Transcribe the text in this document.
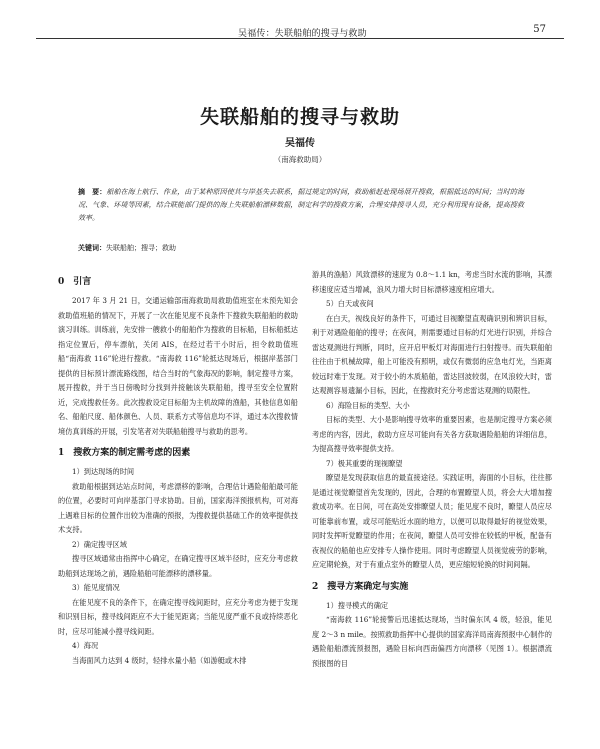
吴福传：失联船舶的搜寻与救助	57
失联船舶的搜寻与救助
吴福传
（南海救助局）
摘　要：船舶在海上航行、作业，由于某种原因使其与岸基失去联系，据过规定的时间，救助船赶赴现场展开搜救，根据抵达的时间；当时的海况、气象、环境等因素，结合联能部门提供的海上失联船舶漂移数据，制定科学的搜救方案，合理安排搜寻人员，充分利用现有设备，提高搜救效率。
关键词：失联船舶；搜寻；救助
0　引言

2017 年 3 月 21 日，交通运输部南海救助局救助值班室在未预先知会救助值班船的情况下，开展了一次在能见度不良条件下搜救失联船舶的救助演习训练。训练前，先安排一艘救小的船舶作为搜救的目标船，目标船抵达指定位置后，停车漂航，关闭 AIS，在经过若干小时后，担令救助值班船“南海救 116”轮进行搜救。“南海救 116”轮抵达现场后，根据岸基部门提供的目标预计漂流路线图，结合当时的气象海况的影响，制定搜寻方案，展开搜救，并于当日傍晚时分找到并接触该失联船舶，搜寻至安全位置附近，完成搜救任务。此次搜救设定目标船为主机故障的渔船，其他信息如船名、船舶尺度、船体颜色、人员、联系方式等信息均不详，通过本次搜救情境仿真训练的开展，引发笔者对失联船舶搜寻与救助的思考。

1　搜救方案的制定需考虑的因素

1）到达现场的时间

救助船根据到达站点时间，考虑漂移的影响，合理估计遇险船舶最可能的位置，必要时可向岸基部门寻求协助。目前，国家海洋预报机构，可对海上遇难目标的位置作出较为准确的预报，为搜救提供基础工作的效率提供技术支持。

2）确定搜寻区域

搜寻区域通常由指挥中心确定，在确定搜寻区域半径时，应充分考虑救助船到达现场之前，遇险船舶可能漂移的漂移量。

3）能见度情况

在能见度不良的条件下，在确定搜寻线间距时，应充分考虑为便于发现和识别目标，搜寻线间距应不大于能见距离；当能见度严重不良或持续恶化时，应尽可能减小搜寻线间距。

4）海况

当海面风力达到 4 级时，轻排水量小船（如游艇或木排

游具的漁船）风致漂移的速度为 0.8～1.1 kn，考虑当时水流的影响，其漂移速度应适当增减，浪风力增大时目标漂移速度相应增大。

5）白天或夜间

在白天，视线良好的条件下，可通过目视瞭望直观确识别和辨识目标，利于对遇险船舶的搜寻；在夜间，则需要通过目标的灯光进行识别，并综合雷达观测进行判断，同时，应开启甲板灯对海面进行扫射搜寻。而失联船舶往往由于机械故障，船上可能没有照明，或仅有微弱的应急电灯光，当距离较远时难于发现。对于较小的木质船舶，雷达回波较弱，在风浪较大时，雷达观测容易遗漏小目标，因此，在搜救时充分考虑雷达观测的局限性。

6）海险目标的类型、大小

目标的类型、大小是影响搜寻效率的重要因素，也是制定搜寻方案必须考虑的内容，因此，救助方应尽可能向有关各方获取遇险船舶的详细信息，为提高搜寻效率提供支持。

7）极其重要的现视瞭望

瞭望是发现获取信息的最直接途径。实践证明，海面的小目标，往往都是通过视觉瞭望首先发现的，因此，合理的布置瞭望人员，将会大大增加搜救成功率。在日间，可在高处安排瞭望人员；能见度不良时，瞭望人员应尽可能靠前布置，或尽可能贴近水面的地方，以便可以取得最好的视觉效果，同时发挥听觉瞭望的作用；在夜间，瞭望人员可安排在较低的甲板，配备有夜视仪的船舶也应安排专人操作使用。同时考虑瞭望人员视觉疲劳的影响，应定期轮换，对于有重点室外的瞭望人员，更应缩短轮换的时间间隔。

2　搜寻方案确定与实施

1）搜寻模式的确定

“南海救 116”轮接警后迅速抵达现场，当时偏东风 4 级，轻浪，能见度 2～3 n mile。按照救助指挥中心提供的国家海洋局南海预报中心制作的遇险船舶漂流预报图，遇险目标向西南偏西方向漂移（见图 1）。根据漂流预报图的目
